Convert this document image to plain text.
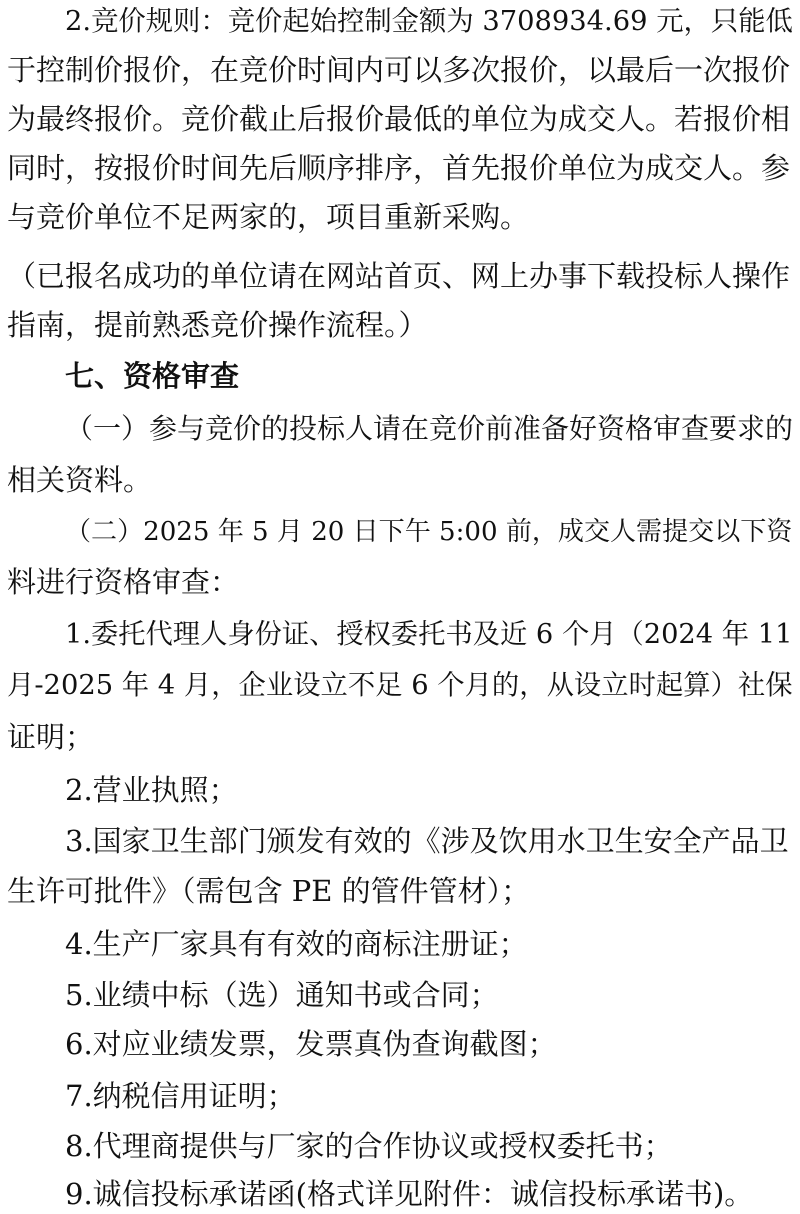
2.竞价规则：竞价起始控制金额为 3708934.69 元，只能低
于控制价报价，在竞价时间内可以多次报价，以最后一次报价
为最终报价。竞价截止后报价最低的单位为成交人。若报价相
同时，按报价时间先后顺序排序，首先报价单位为成交人。参
与竞价单位不足两家的，项目重新采购。
（已报名成功的单位请在网站首页、网上办事下载投标人操作
指南，提前熟悉竞价操作流程。）
七、资格审查
（一）参与竞价的投标人请在竞价前准备好资格审查要求的
相关资料。
（二）2025 年 5 月 20 日下午 5:00 前，成交人需提交以下资
料进行资格审查：
1.委托代理人身份证、授权委托书及近 6 个月（2024 年 11
月-2025 年 4 月，企业设立不足 6 个月的，从设立时起算）社保
证明；
2.营业执照；
3.国家卫生部门颁发有效的《涉及饮用水卫生安全产品卫
生许可批件》（需包含 PE 的管件管材）；
4.生产厂家具有有效的商标注册证；
5.业绩中标（选）通知书或合同；
6.对应业绩发票，发票真伪查询截图；
7.纳税信用证明；
8.代理商提供与厂家的合作协议或授权委托书；
9.诚信投标承诺函(格式详见附件：诚信投标承诺书)。
